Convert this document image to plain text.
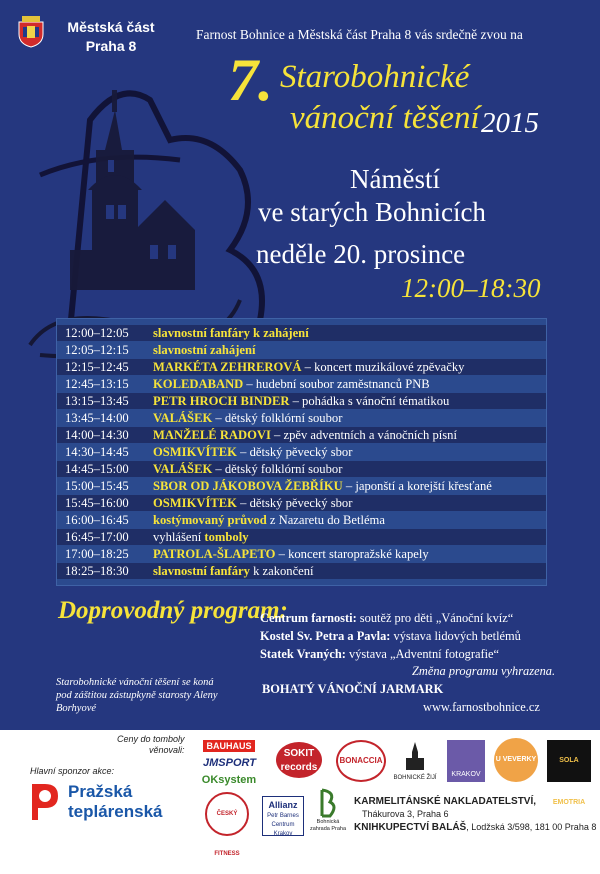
Městská část Praha 8
Farnost Bohnice a Městská část Praha 8 vás srdečně zvou na
7. Starobohnické
vánoční těšení 2015
Náměstí
ve starých Bohnicích
neděle 20. prosince
12:00–18:30
12:00–12:05 slavnostní fanfáry k zahájení
12:05–12:15 slavnostní zahájení
12:15–12:45 MARKÉTA ZEHREROVÁ – koncert muzikálové zpěvačky
12:45–13:15 KOLEDABAND – hudební soubor zaměstnanců PNB
13:15–13:45 PETR HROCH BINDER – pohádka s vánoční tématikou
13:45–14:00 VALÁŠEK – dětský folklórní soubor
14:00–14:30 MANŽELÉ RADOVI – zpěv adventních a vánočních písní
14:30–14:45 OSMIKVÍTEK – dětský pěvecký sbor
14:45–15:00 VALÁŠEK – dětský folklórní soubor
15:00–15:45 SBOR OD JÁKOBOVA ŽEBŘÍKU – japonští a korejští křesťané
15:45–16:00 OSMIKVÍTEK – dětský pěvecký sbor
16:00–16:45 kostýmovaný průvod z Nazaretu do Betléma
16:45–17:00 vyhlášení tomboly
17:00–18:25 PATROLA-ŠLAPETO – koncert staropražské kapely
18:25–18:30 slavnostní fanfáry k zakončení
Doprovodný program:
Centrum farnosti: soutěž pro děti „Vánoční kvíz“
Kostel Sv. Petra a Pavla: výstava lidových betlémů
Statek Vraných: výstava „Adventní fotografie“
Změna programu vyhrazena.
Starobohnické vánoční těšení se koná pod záštitou zástupkyně starosty Aleny Borhyové
BOHATÝ VÁNOČNÍ JARMARK
www.farnostbohnice.cz
Ceny do tomboly
věnovali:
Hlavní sponzor akce:
Pražská
teplárenská
BAUHAUS
JMSPORT
OKsystem
SOKIT
records
BONACCIA
BOHNICKÉ ŽIJÍ	KRAKOV
U VEVERKY	SOLA EMOTRIA
ČESKÝ FITNESS
Allianz
Petr Barnes Centrum Krakov
Bohnická zahrada Praha
KARMELITÁNSKÉ NAKLADATELSTVÍ,
Thákurova 3, Praha 6
KNIHKUPECTVÍ BALÁŠ, Lodžská 3/598, 181 00 Praha 8
